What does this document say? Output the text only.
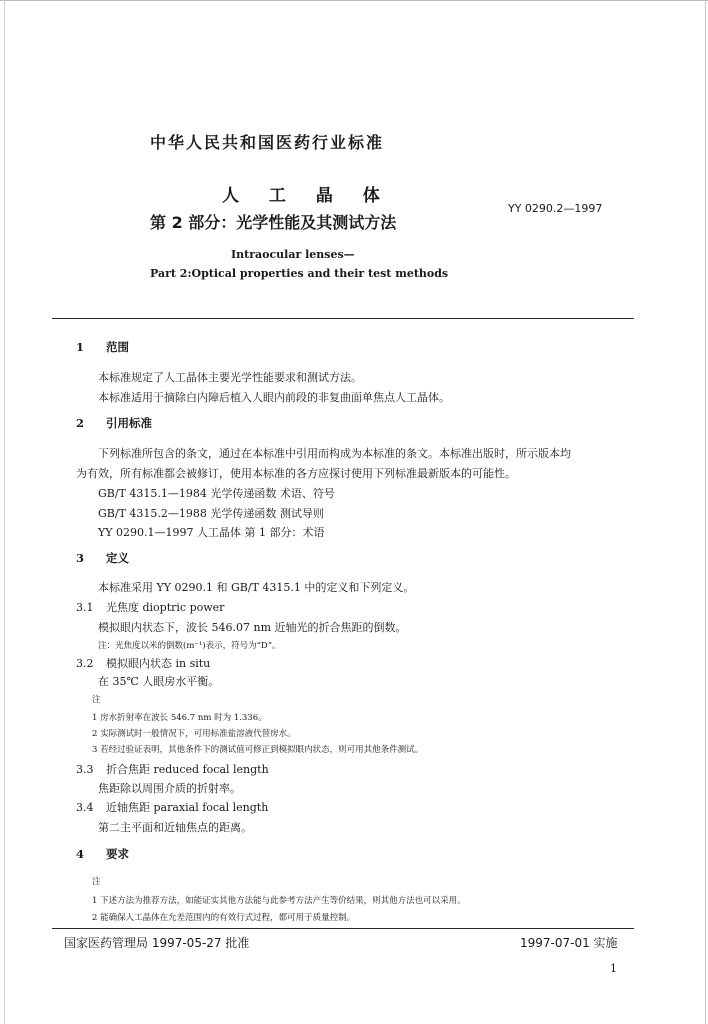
中华人民共和国医药行业标准
人 工 晶 体
第 2 部分：光学性能及其测试方法
YY 0290.2—1997
Intraocular lenses—
Part 2:Optical properties and their test methods
1 范围
本标准规定了人工晶体主要光学性能要求和测试方法。
本标准适用于摘除白内障后植入人眼内前段的非复曲面单焦点人工晶体。
2 引用标准
下列标准所包含的条文，通过在本标准中引用而构成为本标准的条文。本标准出版时，所示版本均
为有效，所有标准都会被修订，使用本标准的各方应探讨使用下列标准最新版本的可能性。
GB/T 4315.1—1984 光学传递函数 术语、符号
GB/T 4315.2—1988 光学传递函数 测试导则
YY 0290.1—1997 人工晶体 第 1 部分：术语
3 定义
本标准采用 YY 0290.1 和 GB/T 4315.1 中的定义和下列定义。
3.1 光焦度 dioptric power
模拟眼内状态下，波长 546.07 nm 近轴光的折合焦距的倒数。
注：光焦度以米的倒数(m⁻¹)表示，符号为“D”。
3.2 模拟眼内状态 in situ
在 35℃ 人眼房水平衡。
注
1 房水折射率在波长 546.7 nm 时为 1.336。
2 实际测试时一般情况下，可用标准盐溶液代替房水。
3 若经过验证表明，其他条件下的测试值可修正到模拟眼内状态，则可用其他条件测试。
3.3 折合焦距 reduced focal length
焦距除以周围介质的折射率。
3.4 近轴焦距 paraxial focal length
第二主平面和近轴焦点的距离。
4 要求
注
1 下述方法为推荐方法，如能证实其他方法能与此参考方法产生等价结果，则其他方法也可以采用。
2 能确保人工晶体在允差范围内的有效行式过程，都可用于质量控制。
国家医药管理局 1997-05-27 批准	1997-07-01 实施
1
